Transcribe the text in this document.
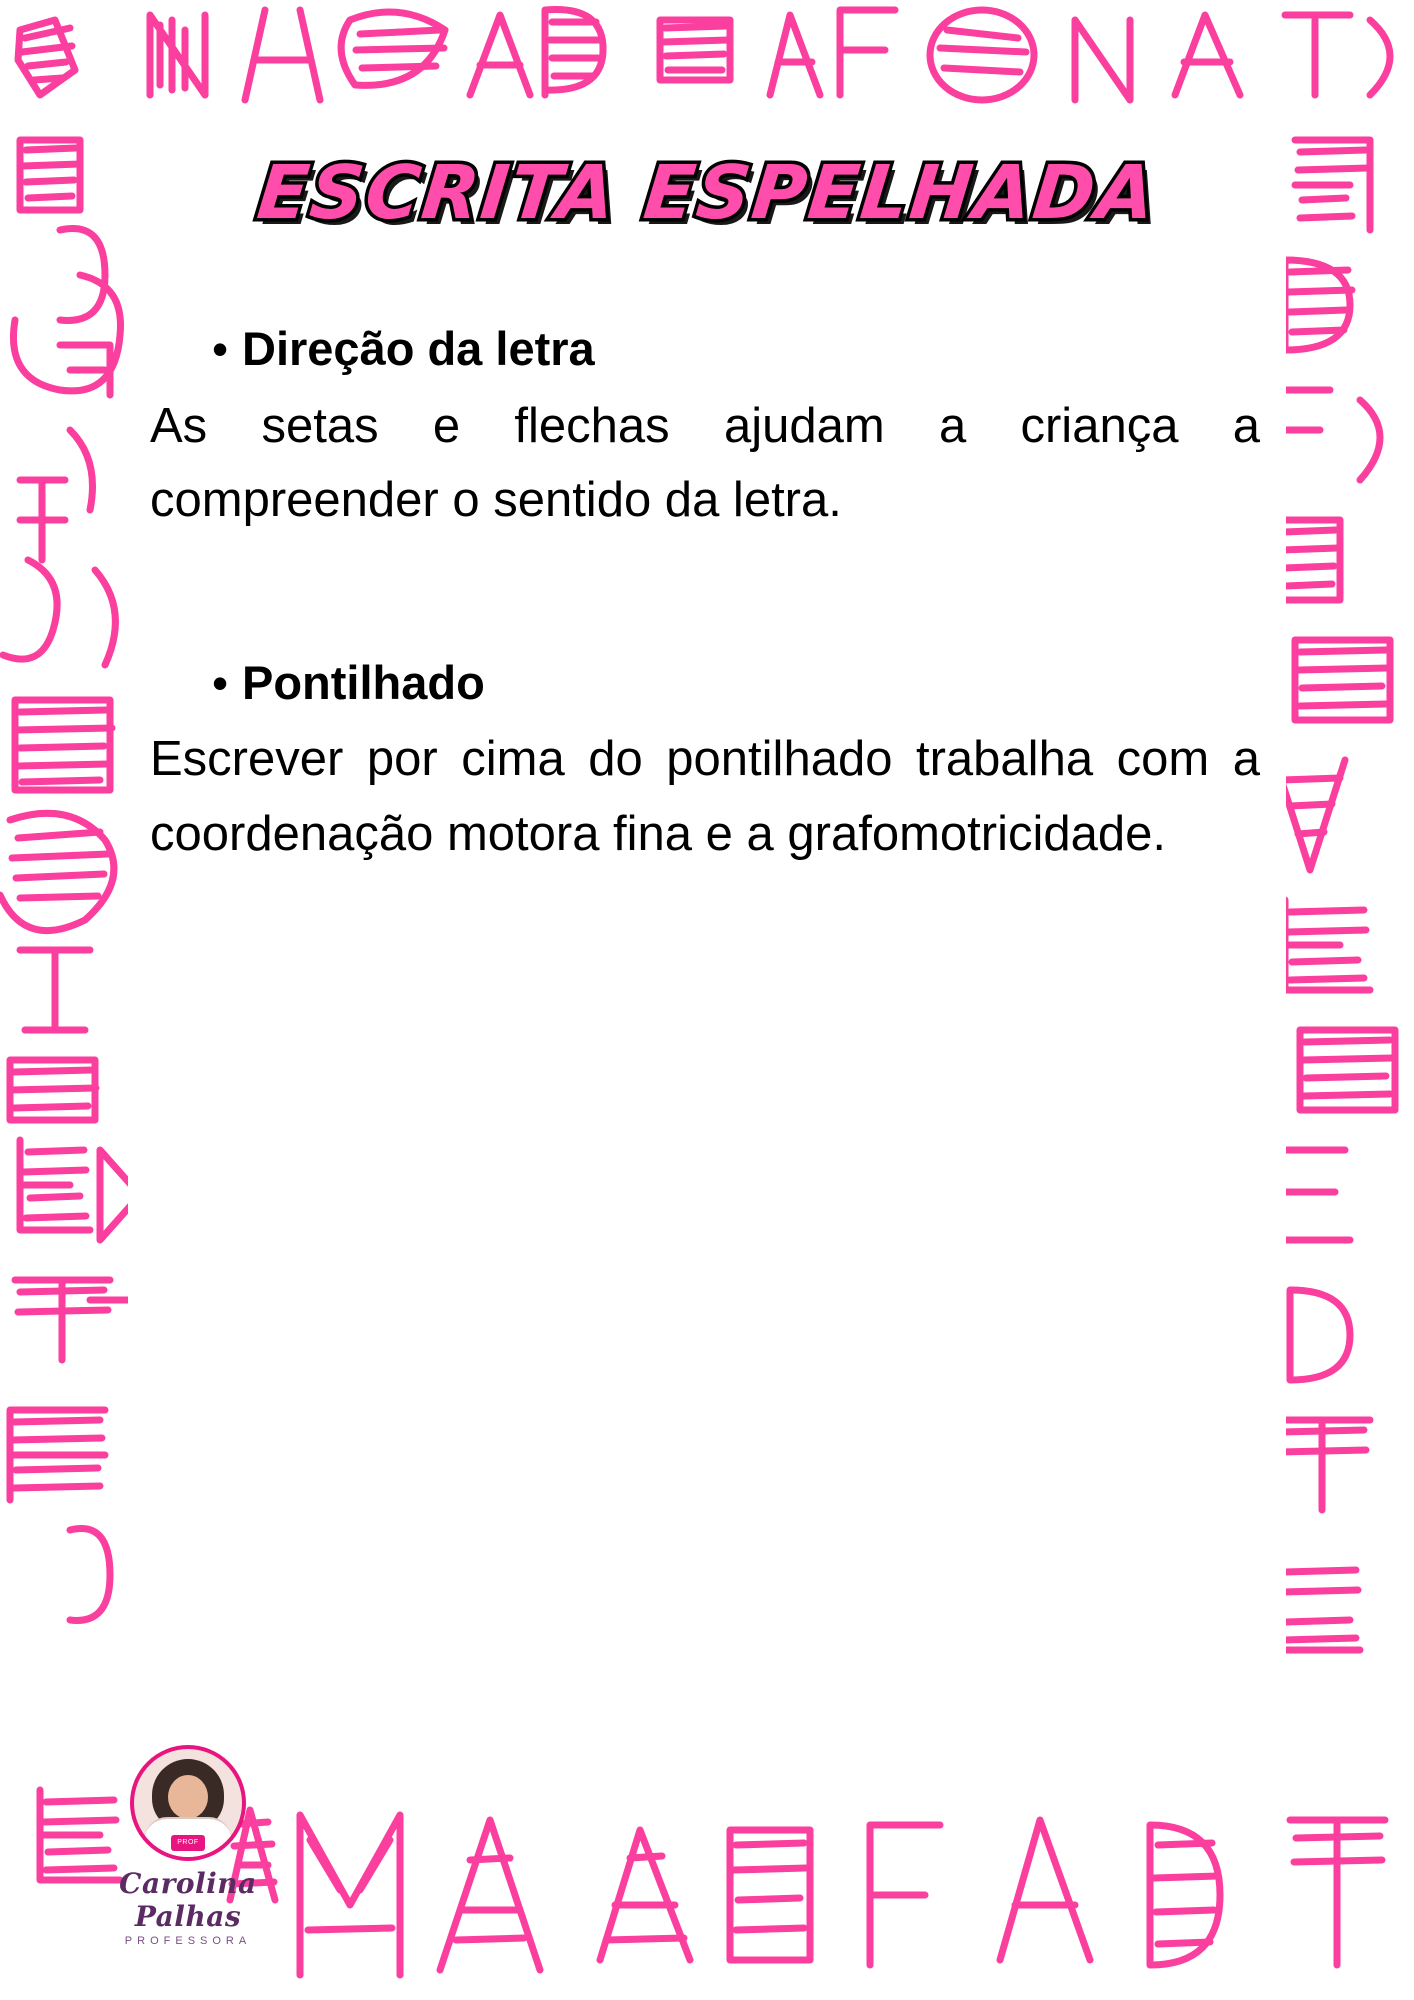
ESCRITA ESPELHADA
• Direção da letra

As setas e flechas ajudam a criança a compreender o sentido da letra.

• Pontilhado

Escrever por cima do pontilhado trabalha com a coordenação motora fina e a grafomotricidade.

PROF
Carolina Palhas
PROFESSORA
